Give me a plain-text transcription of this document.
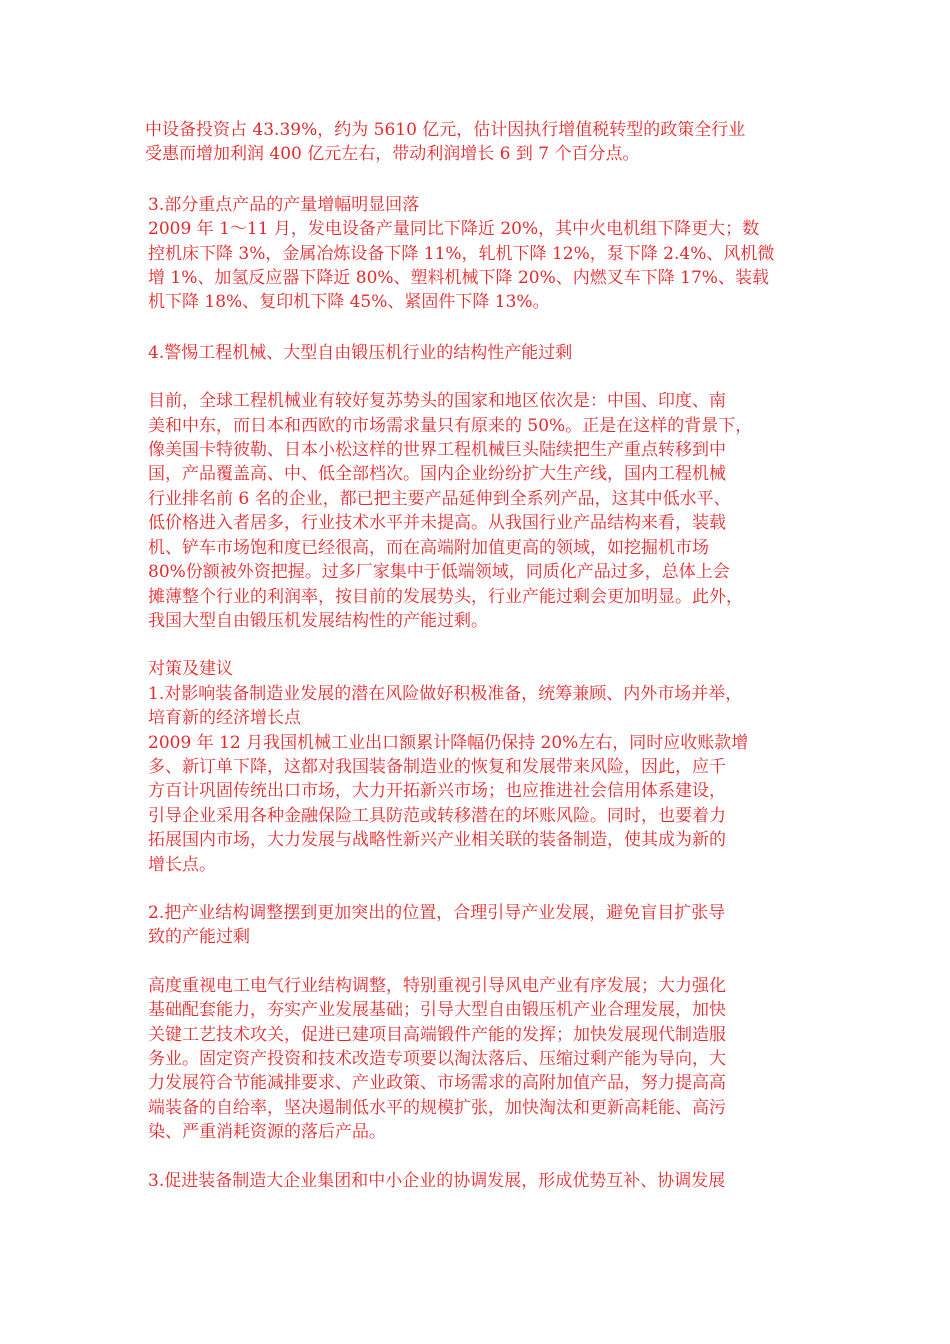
中设备投资占 43.39%，约为 5610 亿元，估计因执行增值税转型的政策全行业
受惠而增加利润 400 亿元左右，带动利润增长 6 到 7 个百分点。

3.部分重点产品的产量增幅明显回落

2009 年 1～11 月，发电设备产量同比下降近 20%，其中火电机组下降更大；数
控机床下降 3%，金属冶炼设备下降 11%，轧机下降 12%，泵下降 2.4%、风机微
增 1%、加氢反应器下降近 80%、塑料机械下降 20%、内燃叉车下降 17%、装载
机下降 18%、复印机下降 45%、紧固件下降 13%。

4.警惕工程机械、大型自由锻压机行业的结构性产能过剩

目前，全球工程机械业有较好复苏势头的国家和地区依次是：中国、印度、南
美和中东，而日本和西欧的市场需求量只有原来的 50%。正是在这样的背景下，
像美国卡特彼勒、日本小松这样的世界工程机械巨头陆续把生产重点转移到中
国，产品覆盖高、中、低全部档次。国内企业纷纷扩大生产线，国内工程机械
行业排名前 6 名的企业，都已把主要产品延伸到全系列产品，这其中低水平、
低价格进入者居多，行业技术水平并未提高。从我国行业产品结构来看，装载
机、铲车市场饱和度已经很高，而在高端附加值更高的领域，如挖掘机市场
80%份额被外资把握。过多厂家集中于低端领域，同质化产品过多，总体上会
摊薄整个行业的利润率，按目前的发展势头，行业产能过剩会更加明显。此外，
我国大型自由锻压机发展结构性的产能过剩。

对策及建议

1.对影响装备制造业发展的潜在风险做好积极准备，统筹兼顾、内外市场并举，
培育新的经济增长点

2009 年 12 月我国机械工业出口额累计降幅仍保持 20%左右，同时应收账款增
多、新订单下降，这都对我国装备制造业的恢复和发展带来风险，因此，应千
方百计巩固传统出口市场，大力开拓新兴市场；也应推进社会信用体系建设，
引导企业采用各种金融保险工具防范或转移潜在的坏账风险。同时，也要着力
拓展国内市场，大力发展与战略性新兴产业相关联的装备制造，使其成为新的
增长点。

2.把产业结构调整摆到更加突出的位置，合理引导产业发展，避免盲目扩张导
致的产能过剩

高度重视电工电气行业结构调整，特别重视引导风电产业有序发展；大力强化
基础配套能力，夯实产业发展基础；引导大型自由锻压机产业合理发展，加快
关键工艺技术攻关，促进已建项目高端锻件产能的发挥；加快发展现代制造服
务业。固定资产投资和技术改造专项要以淘汰落后、压缩过剩产能为导向，大
力发展符合节能减排要求、产业政策、市场需求的高附加值产品，努力提高高
端装备的自给率，坚决遏制低水平的规模扩张，加快淘汰和更新高耗能、高污
染、严重消耗资源的落后产品。

3.促进装备制造大企业集团和中小企业的协调发展，形成优势互补、协调发展
